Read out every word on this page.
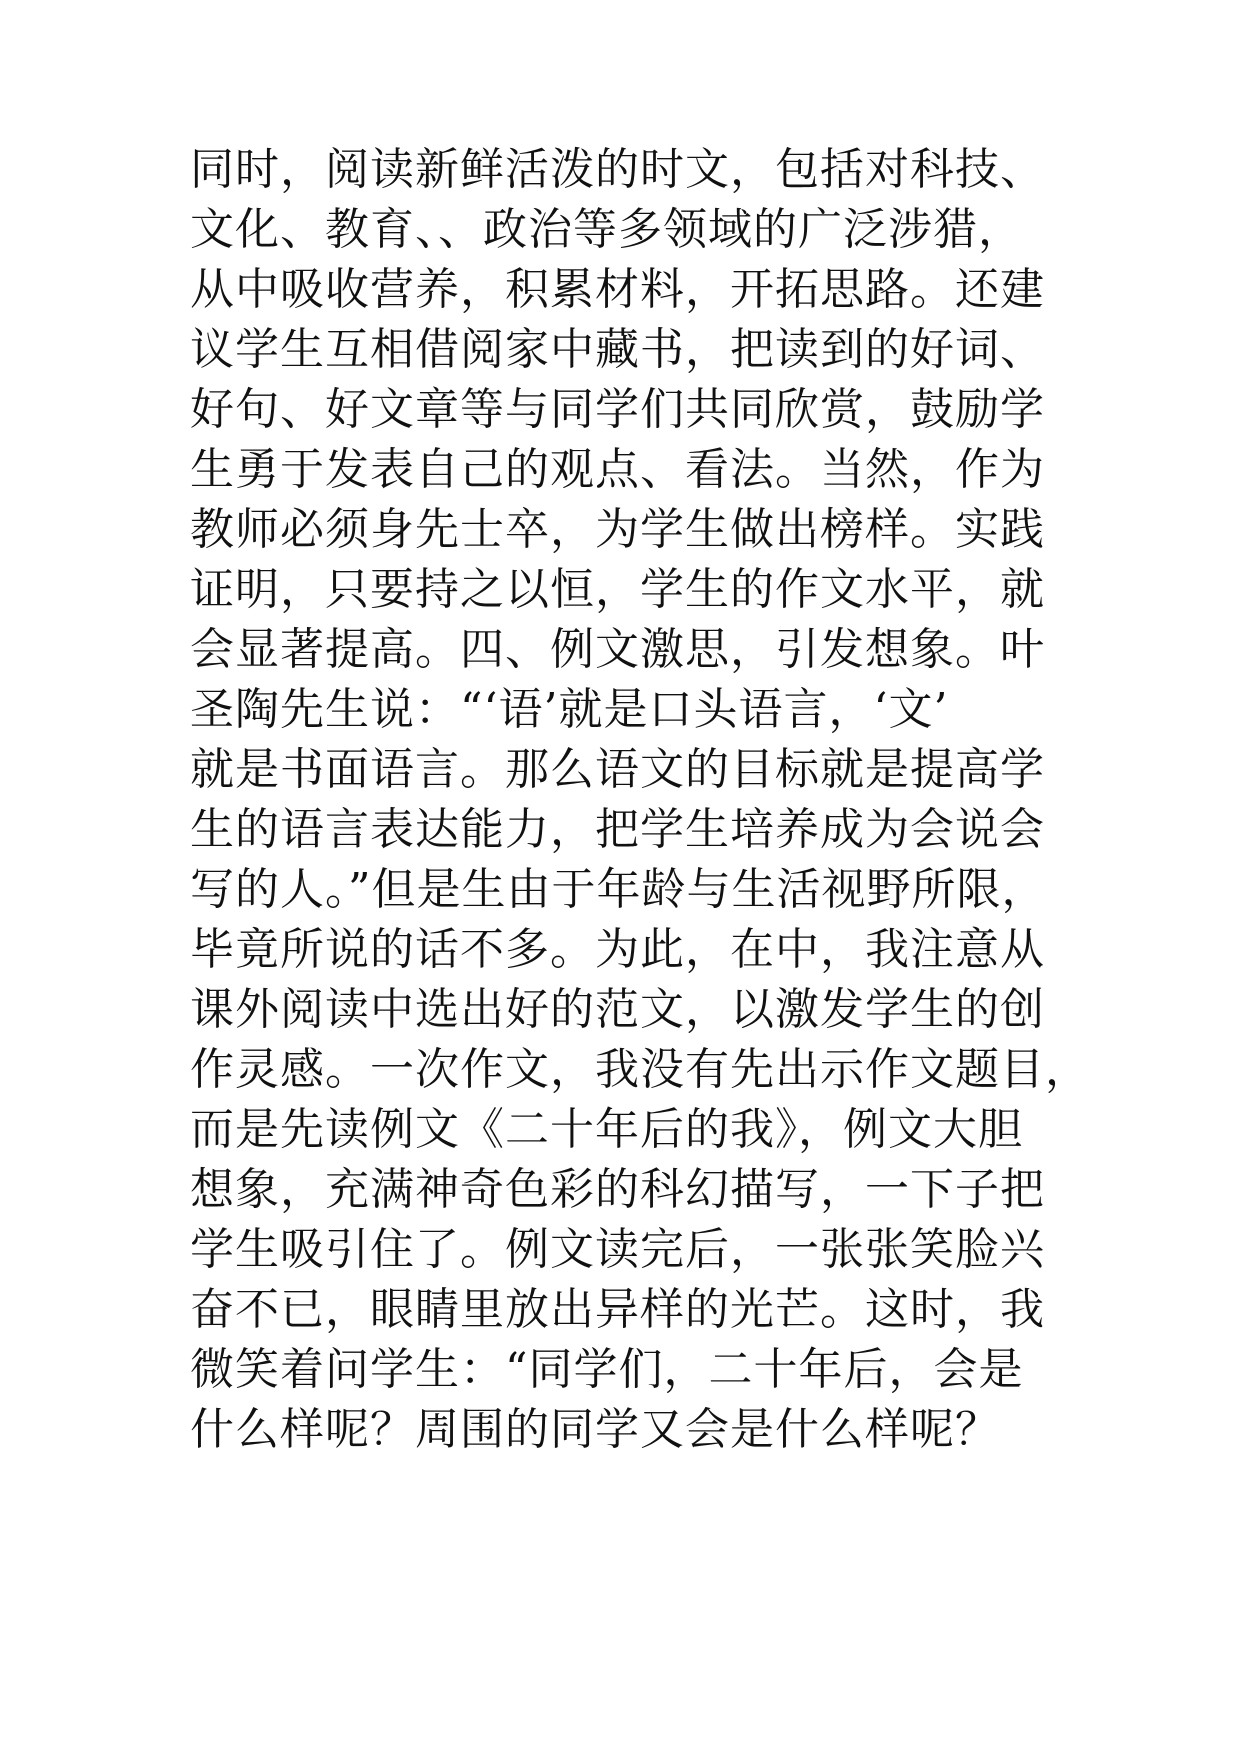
同时，阅读新鲜活泼的时文，包括对科技、
文化、教育、、政治等多领域的广泛涉猎，
从中吸收营养，积累材料，开拓思路。还建
议学生互相借阅家中藏书，把读到的好词、
好句、好文章等与同学们共同欣赏，鼓励学
生勇于发表自己的观点、看法。当然，作为
教师必须身先士卒，为学生做出榜样。实践
证明，只要持之以恒，学生的作文水平，就
会显著提高。四、例文激思，引发想象。叶
圣陶先生说：“‘语’就是口头语言，‘文’
就是书面语言。那么语文的目标就是提高学
生的语言表达能力，把学生培养成为会说会
写的人。”但是生由于年龄与生活视野所限，
毕竟所说的话不多。为此，在中，我注意从
课外阅读中选出好的范文，以激发学生的创
作灵感。一次作文，我没有先出示作文题目，
而是先读例文《二十年后的我》，例文大胆
想象，充满神奇色彩的科幻描写，一下子把
学生吸引住了。例文读完后，一张张笑脸兴
奋不已，眼睛里放出异样的光芒。这时，我
微笑着问学生：“同学们，二十年后，会是
什么样呢？周围的同学又会是什么样呢？
